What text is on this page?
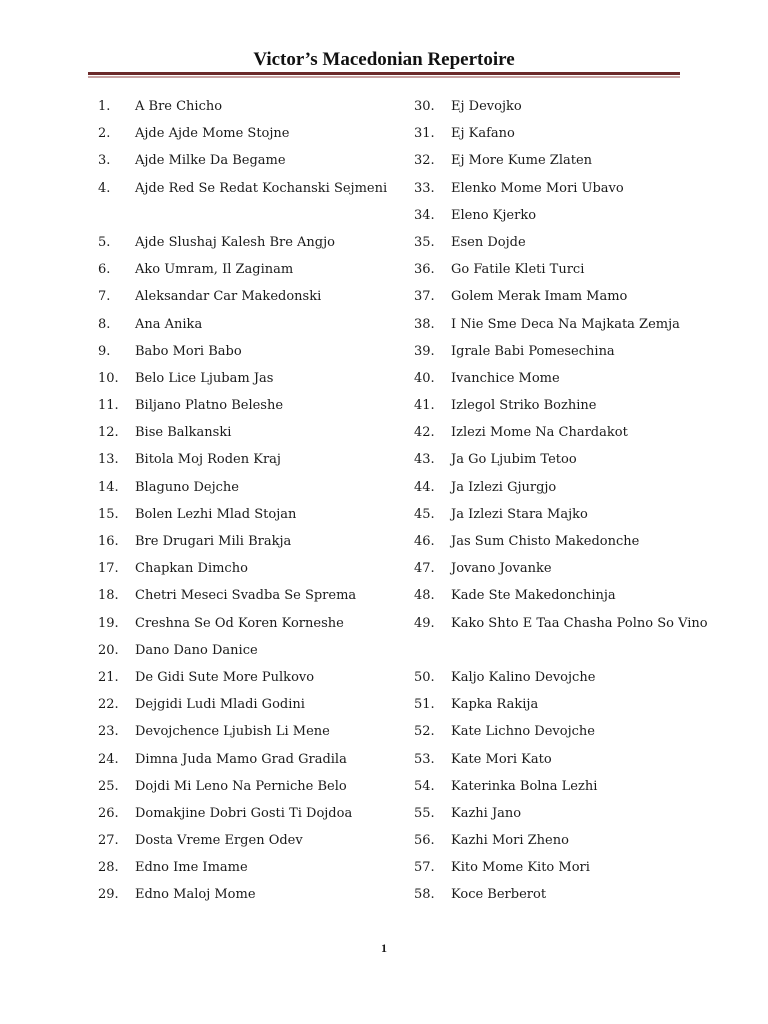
Victor’s Macedonian Repertoire
1. A Bre Chicho
2. Ajde Ajde Mome Stojne
3. Ajde Milke Da Begame
4. Ajde Red Se Redat Kochanski Sejmeni
5. Ajde Slushaj Kalesh Bre Angjo
6. Ako Umram, Il Zaginam
7. Aleksandar Car Makedonski
8. Ana Anika
9. Babo Mori Babo
10. Belo Lice Ljubam Jas
11. Biljano Platno Beleshe
12. Bise Balkanski
13. Bitola Moj Roden Kraj
14. Blaguno Dejche
15. Bolen Lezhi Mlad Stojan
16. Bre Drugari Mili Brakja
17. Chapkan Dimcho
18. Chetri Meseci Svadba Se Sprema
19. Creshna Se Od Koren Korneshe
20. Dano Dano Danice
21. De Gidi Sute More Pulkovo
22. Dejgidi Ludi Mladi Godini
23. Devojchence Ljubish Li Mene
24. Dimna Juda Mamo Grad Gradila
25. Dojdi Mi Leno Na Perniche Belo
26. Domakjine Dobri Gosti Ti Dojdoa
27. Dosta Vreme Ergen Odev
28. Edno Ime Imame
29. Edno Maloj Mome
30. Ej Devojko
31. Ej Kafano
32. Ej More Kume Zlaten
33. Elenko Mome Mori Ubavo
34. Eleno Kjerko
35. Esen Dojde
36. Go Fatile Kleti Turci
37. Golem Merak Imam Mamo
38. I Nie Sme Deca Na Majkata Zemja
39. Igrale Babi Pomesechina
40. Ivanchice Mome
41. Izlegol Striko Bozhine
42. Izlezi Mome Na Chardakot
43. Ja Go Ljubim Tetoo
44. Ja Izlezi Gjurgjo
45. Ja Izlezi Stara Majko
46. Jas Sum Chisto Makedonche
47. Jovano Jovanke
48. Kade Ste Makedonchinja
49. Kako Shto E Taa Chasha Polno So Vino
50. Kaljo Kalino Devojche
51. Kapka Rakija
52. Kate Lichno Devojche
53. Kate Mori Kato
54. Katerinka Bolna Lezhi
55. Kazhi Jano
56. Kazhi Mori Zheno
57. Kito Mome Kito Mori
58. Koce Berberot
1
